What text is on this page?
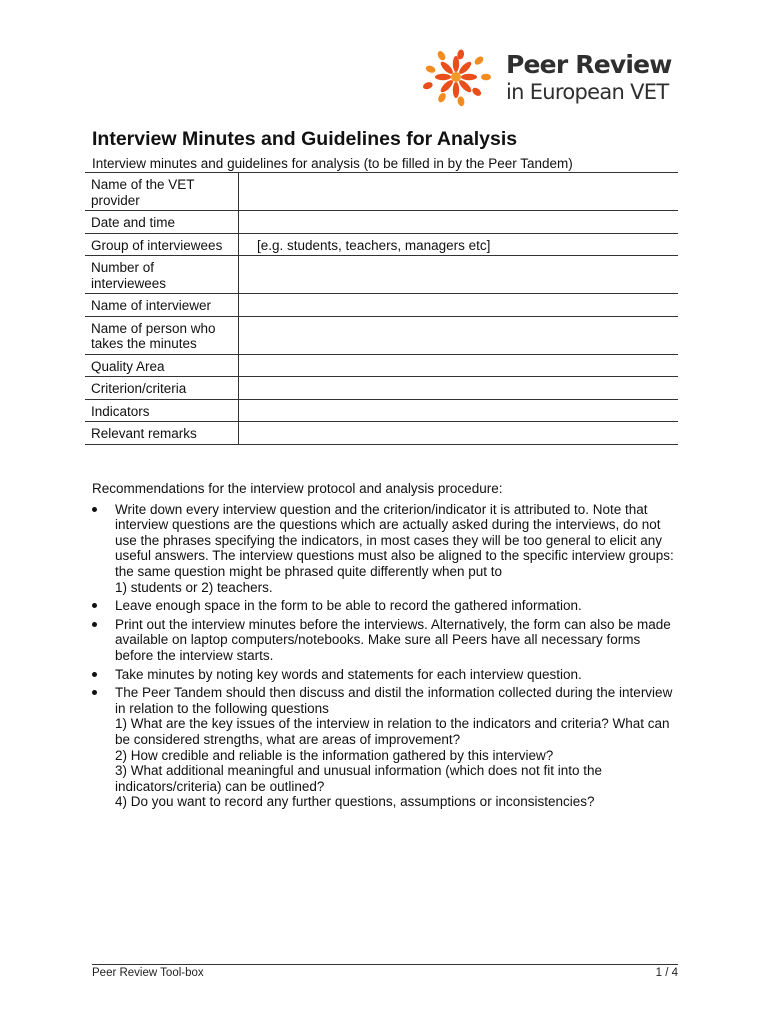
Peer Review
in European VET
Interview Minutes and Guidelines for Analysis
Interview minutes and guidelines for analysis (to be filled in by the Peer Tandem)
Name of the VET provider	
Date and time	
Group of interviewees	[e.g. students, teachers, managers etc]
Number of interviewees	
Name of interviewer	
Name of person who takes the minutes	
Quality Area	
Criterion/criteria	
Indicators	
Relevant remarks	

Recommendations for the interview protocol and analysis procedure:

Write down every interview question and the criterion/indicator it is attributed to. Note that interview questions are the questions which are actually asked during the interviews, do not use the phrases specifying the indicators, in most cases they will be too general to elicit any useful answers. The interview questions must also be aligned to the specific interview groups: the same question might be phrased quite differently when put to
1) students or 2) teachers.
Leave enough space in the form to be able to record the gathered information.
Print out the interview minutes before the interviews. Alternatively, the form can also be made available on laptop computers/notebooks. Make sure all Peers have all necessary forms before the interview starts.
Take minutes by noting key words and statements for each interview question.
The Peer Tandem should then discuss and distil the information collected during the interview in relation to the following questions
1) What are the key issues of the interview in relation to the indicators and criteria? What can be considered strengths, what are areas of improvement?
2) How credible and reliable is the information gathered by this interview?
3) What additional meaningful and unusual information (which does not fit into the indicators/criteria) can be outlined?
4) Do you want to record any further questions, assumptions or inconsistencies?
Peer Review Tool-box	1 / 4
